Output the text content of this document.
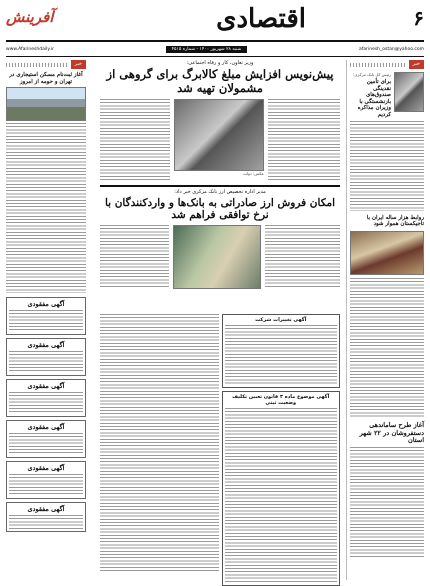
۶
اقتصادی
آفرینش
afarinesh_ostan@yahoo.com
شنبه ۲۸ شهریور ۱۴۰۰ - شماره ۴۵۱۵
www.Afarineshdaily.ir
خبر
رئیس کل بانک مرکزی:
برای تأمین نقدینگی صندوق‌های بازنشستگی با وزیران مذاکره کردیم
روابط هزار ساله ایران با تاجیکستان هموار شود
آغاز طرح ساماندهی دستفروشان در ۲۲ شهر استان
وزیر تعاون، کار و رفاه اجتماعی:
پیش‌نویس افزایش مبلغ کالابرگ برای گروهی از مشمولان تهیه شد
عکس: دولت
مدیر اداره تخصیص ارز بانک مرکزی خبر داد:
امکان فروش ارز صادراتی به بانک‌ها و واردکنندگان با نرخ توافقی فراهم شد
آگهی تغییرات شرکت
آگهی موضوع ماده ۳ قانون تعیین تکلیف وضعیت ثبتی
خبر
آغاز ثبت‌نام مسکن استیجاری در تهران و حومه از امروز
آگهی مفقودی
آگهی مفقودی
آگهی مفقودی
آگهی مفقودی
آگهی مفقودی
آگهی مفقودی
